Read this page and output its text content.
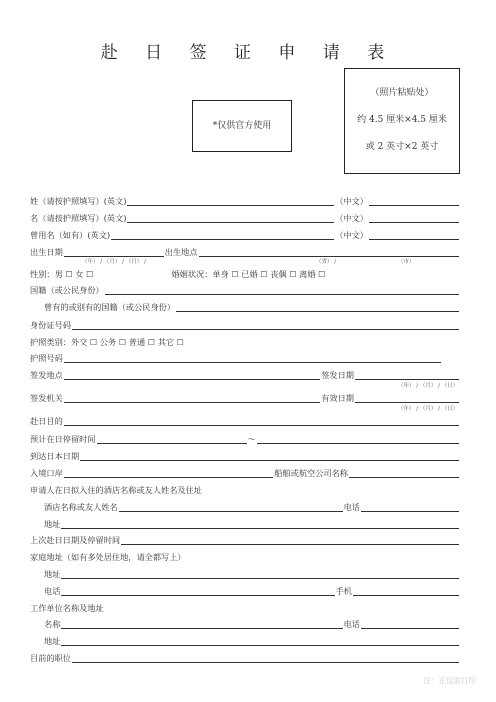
赴 日 签 证 申 请 表
*仅供官方使用
（照片粘贴处）
约 4.5 厘米×4.5 厘米
或 2 英寸×2 英寸
姓（请按护照填写）(英文)	（中文）
名（请按护照填写）(英文)	（中文）
曾用名（如有）(英文)	（中文）
出生日期	出生地点
（年） / （月） / （日） /	（省） /	（市）
性别：男 ☐ 女 ☐	婚姻状况：单身 ☐ 已婚 ☐ 丧偶 ☐ 离婚 ☐
国籍（或公民身份）
曾有的或别有的国籍（或公民身份）
身份证号码
护照类别：外交 ☐ 公务 ☐ 普通 ☐ 其它 ☐
护照号码
签发地点	签发日期
（年） / （月） / （日）
签发机关	有效日期
（年） / （月） / （日）
赴日目的
预计在日停留时间	～
到达日本日期
入境口岸	船舶或航空公司名称
申请人在日拟入住的酒店名称或友人姓名及住址
酒店名称或友人姓名	电话
地址
上次赴日日期及停留时间
家庭地址（如有多处居住地，请全都写上）
地址
电话	手机
工作单位名称及地址
名称	电话
地址
目前的职位
注：正反面打印
